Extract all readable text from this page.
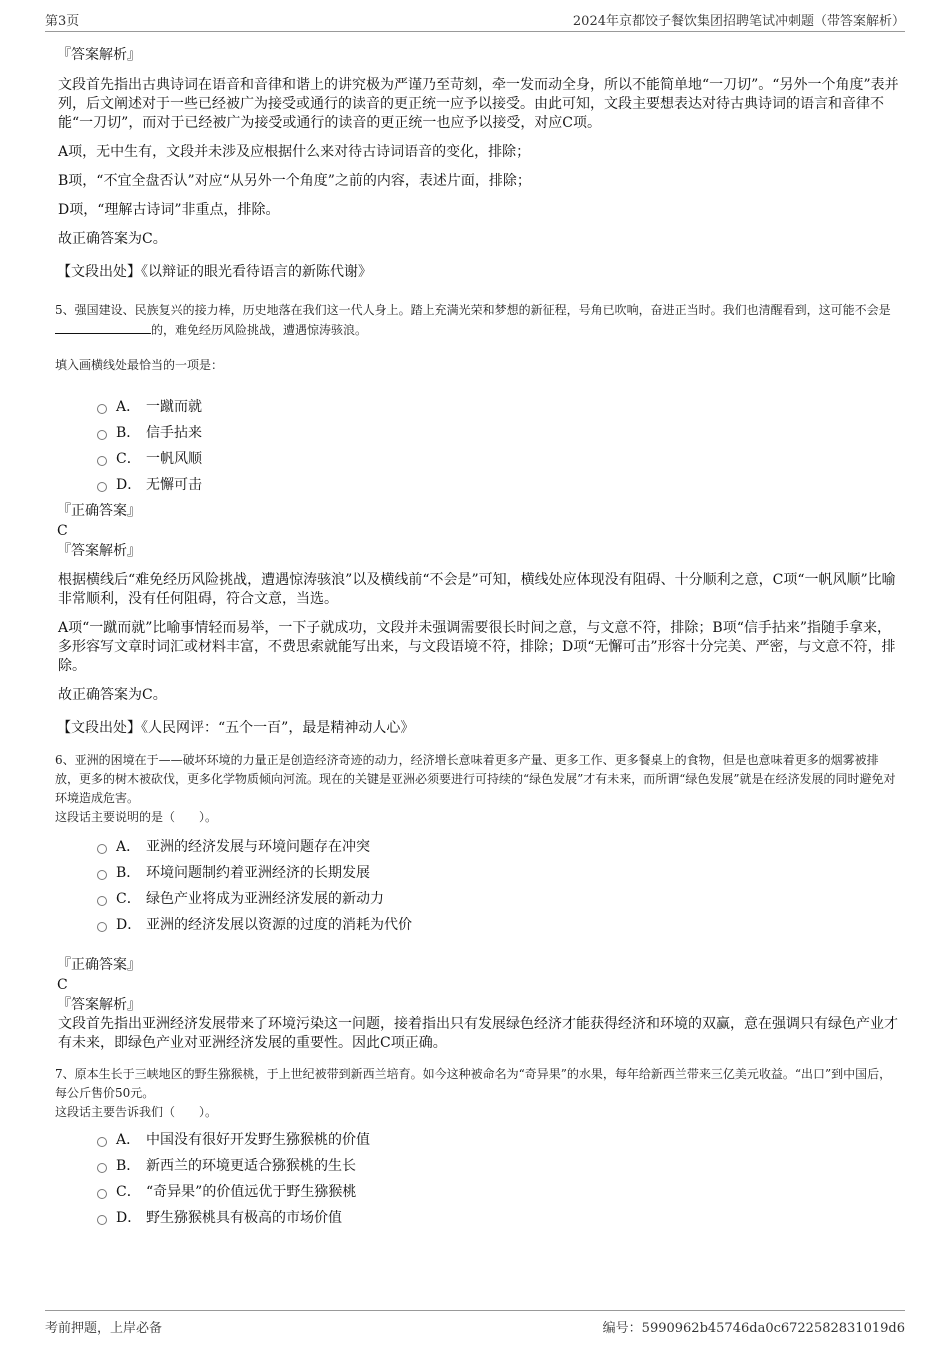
第3页	2024年京都饺子餐饮集团招聘笔试冲刺题（带答案解析）
『答案解析』
文段首先指出古典诗词在语音和音律和谐上的讲究极为严谨乃至苛刻，牵一发而动全身，所以不能简单地“一刀切”。“另外一个角度”表并列，后文阐述对于一些已经被广为接受或通行的读音的更正统一应予以接受。由此可知，文段主要想表达对待古典诗词的语言和音律不能“一刀切”，而对于已经被广为接受或通行的读音的更正统一也应予以接受，对应C项。
A项，无中生有，文段并未涉及应根据什么来对待古诗词语音的变化，排除；
B项，“不宜全盘否认”对应“从另外一个角度”之前的内容，表述片面，排除；
D项，“理解古诗词”非重点，排除。
故正确答案为C。
【文段出处】《以辩证的眼光看待语言的新陈代谢》
5、强国建设、民族复兴的接力棒，历史地落在我们这一代人身上。踏上充满光荣和梦想的新征程，号角已吹响，奋进正当时。我们也清醒看到，这可能不会是的，难免经历风险挑战，遭遇惊涛骇浪。
填入画横线处最恰当的一项是：
A． 一蹴而就
B． 信手拈来
C． 一帆风顺
D． 无懈可击
『正确答案』
C
『答案解析』
根据横线后“难免经历风险挑战，遭遇惊涛骇浪”以及横线前“不会是”可知，横线处应体现没有阻碍、十分顺利之意，C项“一帆风顺”比喻非常顺利，没有任何阻碍，符合文意，当选。
A项“一蹴而就”比喻事情轻而易举，一下子就成功，文段并未强调需要很长时间之意，与文意不符，排除；B项“信手拈来”指随手拿来，多形容写文章时词汇或材料丰富，不费思索就能写出来，与文段语境不符，排除；D项“无懈可击”形容十分完美、严密，与文意不符，排除。
故正确答案为C。
【文段出处】《人民网评：“五个一百”，最是精神动人心》
6、亚洲的困境在于——破坏环境的力量正是创造经济奇迹的动力，经济增长意味着更多产量、更多工作、更多餐桌上的食物，但是也意味着更多的烟雾被排放，更多的树木被砍伐，更多化学物质倾向河流。现在的关键是亚洲必须要进行可持续的“绿色发展”才有未来，而所谓“绿色发展”就是在经济发展的同时避免对环境造成危害。
这段话主要说明的是（　　）。
A． 亚洲的经济发展与环境问题存在冲突
B． 环境问题制约着亚洲经济的长期发展
C． 绿色产业将成为亚洲经济发展的新动力
D． 亚洲的经济发展以资源的过度的消耗为代价
『正确答案』
C
『答案解析』
文段首先指出亚洲经济发展带来了环境污染这一问题，接着指出只有发展绿色经济才能获得经济和环境的双赢，意在强调只有绿色产业才有未来，即绿色产业对亚洲经济发展的重要性。因此C项正确。
7、原本生长于三峡地区的野生猕猴桃，于上世纪被带到新西兰培育。如今这种被命名为“奇异果”的水果，每年给新西兰带来三亿美元收益。“出口”到中国后，每公斤售价50元。
这段话主要告诉我们（　　）。
A． 中国没有很好开发野生猕猴桃的价值
B． 新西兰的环境更适合猕猴桃的生长
C． “奇异果”的价值远优于野生猕猴桃
D． 野生猕猴桃具有极高的市场价值
考前押题，上岸必备	编号：5990962b45746da0c6722582831019d6
